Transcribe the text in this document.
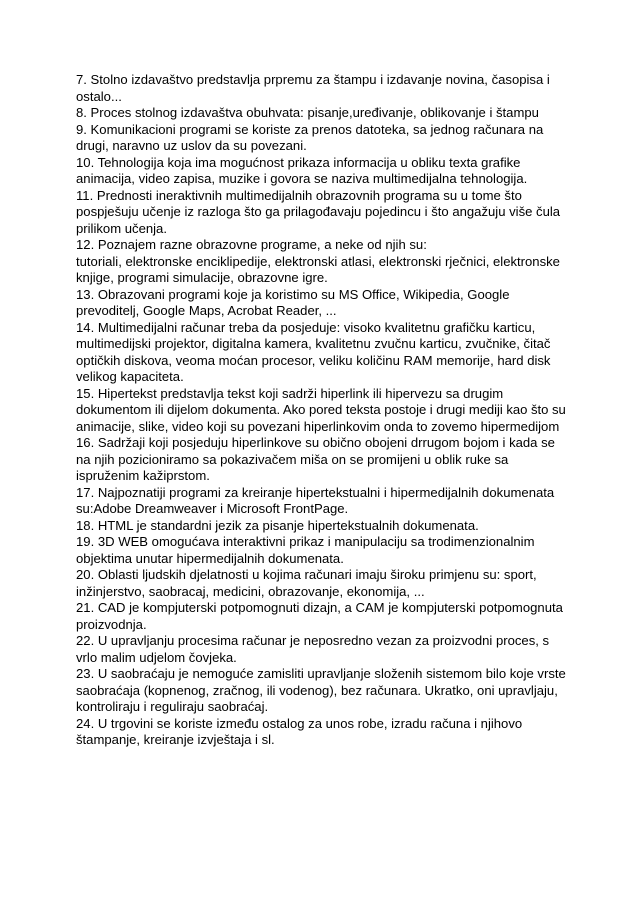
7. Stolno izdavaštvo predstavlja prpremu za štampu i izdavanje novina, časopisa i
ostalo...
8. Proces stolnog izdavaštva obuhvata: pisanje,uređivanje, oblikovanje i štampu
9. Komunikacioni programi se koriste za prenos datoteka, sa jednog računara na
drugi, naravno uz uslov da su povezani.
10. Tehnologija koja ima mogućnost prikaza informacija u obliku texta grafike
animacija, video zapisa, muzike i govora se naziva multimedijalna tehnologija.
11. Prednosti ineraktivnih multimedijalnih obrazovnih programa su u tome što
pospješuju učenje iz razloga što ga prilagođavaju pojedincu i što angažuju više čula
prilikom učenja.
12. Poznajem razne obrazovne programe, a neke od njih su:
tutoriali, elektronske enciklipedije, elektronski atlasi, elektronski rječnici, elektronske
knjige, programi simulacije, obrazovne igre.
13. Obrazovani programi koje ja koristimo su MS Office, Wikipedia, Google
prevoditelj, Google Maps, Acrobat Reader, ...
14. Multimedijalni računar treba da posjeduje: visoko kvalitetnu grafičku karticu,
multimedijski projektor, digitalna kamera, kvalitetnu zvučnu karticu, zvučnike, čitač
optičkih diskova, veoma moćan procesor, veliku količinu RAM memorije, hard disk
velikog kapaciteta.
15. Hipertekst predstavlja tekst koji sadrži hiperlink ili hipervezu sa drugim
dokumentom ili dijelom dokumenta. Ako pored teksta postoje i drugi mediji kao što su
animacije, slike, video koji su povezani hiperlinkovim onda to zovemo hipermedijom
16. Sadržaji koji posjeduju hiperlinkove su obično obojeni drrugom bojom i kada se
na njih pozicioniramo sa pokazivačem miša on se promijeni u oblik ruke sa
ispruženim kažiprstom.
17. Najpoznatiji programi za kreiranje hipertekstualni i hipermedijalnih dokumenata
su:Adobe Dreamweaver i Microsoft FrontPage.
18. HTML je standardni jezik za pisanje hipertekstualnih dokumenata.
19. 3D WEB omogućava interaktivni prikaz i manipulaciju sa trodimenzionalnim
objektima unutar hipermedijalnih dokumenata.
20. Oblasti ljudskih djelatnosti u kojima računari imaju široku primjenu su: sport,
inžinjerstvo, saobracaj, medicini, obrazovanje, ekonomija, ...
21. CAD je kompjuterski potpomognuti dizajn, a CAM je kompjuterski potpomognuta
proizvodnja.
22. U upravljanju procesima računar je neposredno vezan za proizvodni proces, s
vrlo malim udjelom čovjeka.
23. U saobraćaju je nemoguće zamisliti upravljanje složenih sistemom bilo koje vrste
saobraćaja (kopnenog, zračnog, ili vodenog), bez računara. Ukratko, oni upravljaju,
kontroliraju i reguliraju saobraćaj.
24. U trgovini se koriste između ostalog za unos robe, izradu računa i njihovo
štampanje, kreiranje izvještaja i sl.
